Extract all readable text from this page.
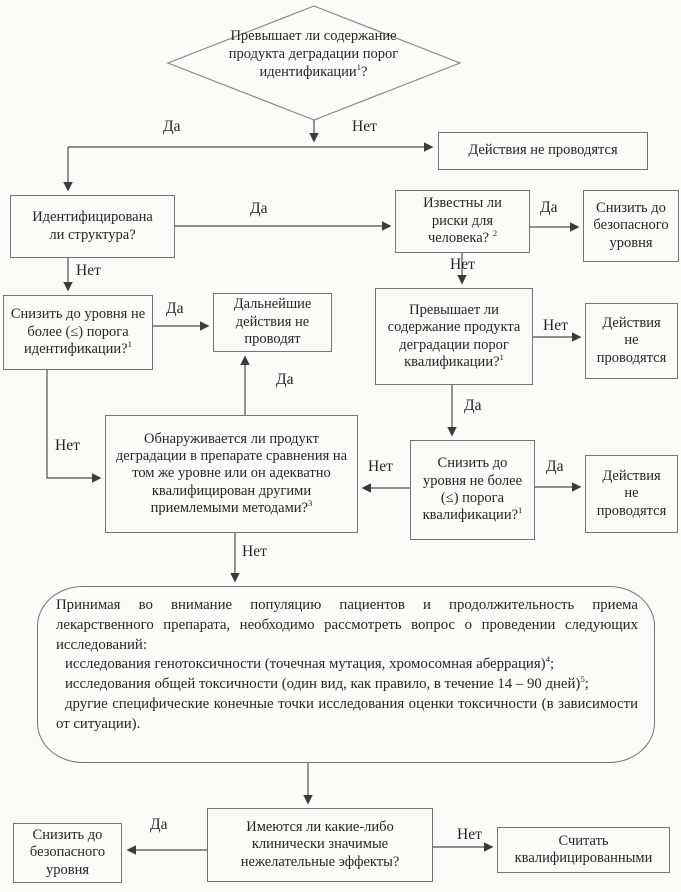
Превышает ли содержание продукта деградации порог идентификации$^1$?
Действия не проводятся
Идентифицирована ли структура?
Известны ли риски для человека? $^2$
Снизить до безопасного уровня
Снизить до уровня не более (≤) порога идентификации?$^1$
Дальнейшие действия не проводят
Превышает ли содержание продукта деградации порог квалификации?$^1$
Действия не проводятся
Обнаруживается ли продукт деградации в препарате сравнения на том же уровне или он адекватно квалифицирован другими приемлемыми методами?$^3$
Снизить до уровня не более (≤) порога квалификации?$^1$
Действия не проводятся

Принимая во внимание популяцию пациентов и продолжительность приема лекарственного препарата, необходимо рассмотреть вопрос о проведении следующих исследований:

исследования генотоксичности (точечная мутация, хромосомная аберрация)$^4$;

исследования общей токсичности (один вид, как правило, в течение 14 – 90 дней)$^5$;

другие специфические конечные точки исследования оценки токсичности (в зависимости от ситуации).

Снизить до безопасного уровня
Имеются ли какие-либо клинически значимые нежелательные эффекты?
Считать квалифицированными
Да	Нет
Да
Нет
Да
Нет
Да
Нет
Да
Нет
Да
Нет
Да
Нет
Да
Нет
